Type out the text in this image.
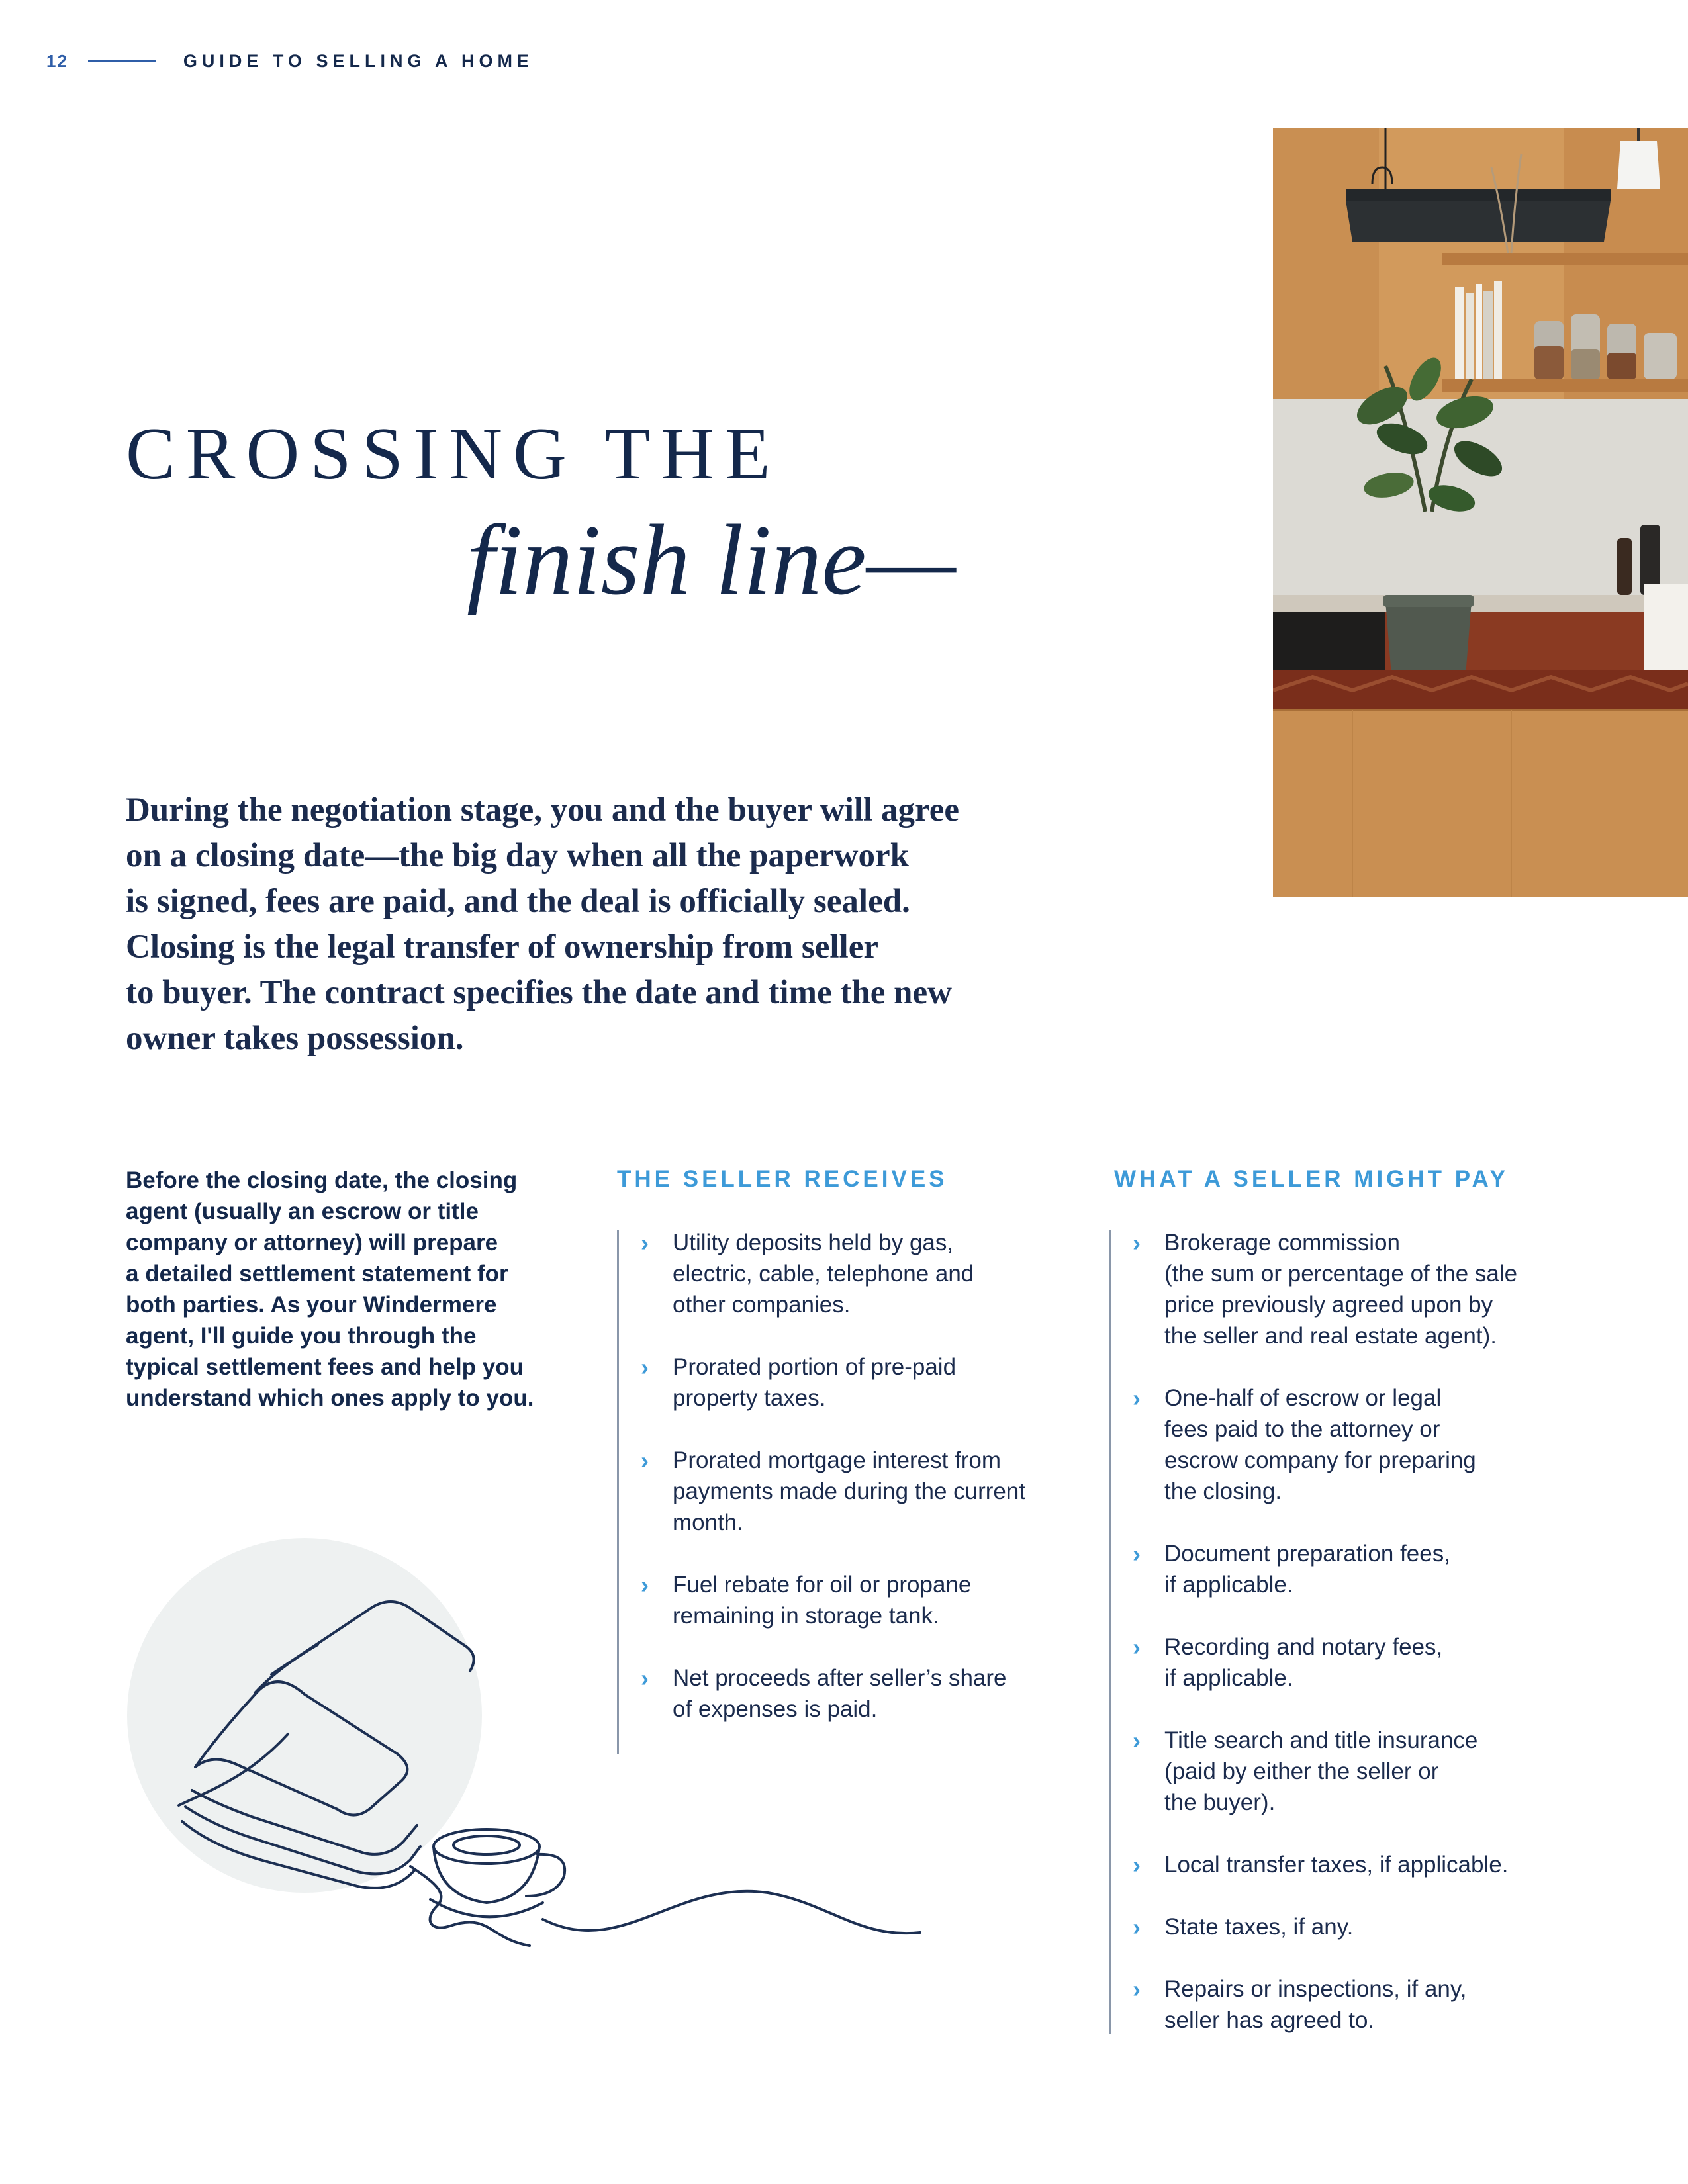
12	GUIDE TO SELLING A HOME
CROSSING THE
finish line—

During the negotiation stage, you and the buyer will agree
on a closing date—the big day when all the paperwork
is signed, fees are paid, and the deal is officially sealed.
Closing is the legal transfer of ownership from seller
to buyer. The contract specifies the date and time the new
owner takes possession.

Before the closing date, the closing
agent (usually an escrow or title
company or attorney) will prepare
a detailed settlement statement for
both parties. As your Windermere
agent, I'll guide you through the
typical settlement fees and help you
understand which ones apply to you.

THE SELLER RECEIVES
› Utility deposits held by gas,
electric, cable, telephone and
other companies.
› Prorated portion of pre-paid
property taxes.
› Prorated mortgage interest from
payments made during the current
month.
› Fuel rebate for oil or propane
remaining in storage tank.
› Net proceeds after seller’s share
of expenses is paid.
WHAT A SELLER MIGHT PAY
› Brokerage commission
(the sum or percentage of the sale
price previously agreed upon by
the seller and real estate agent).
› One-half of escrow or legal
fees paid to the attorney or
escrow company for preparing
the closing.
› Document preparation fees,
if applicable.
› Recording and notary fees,
if applicable.
› Title search and title insurance
(paid by either the seller or
the buyer).
› Local transfer taxes, if applicable.
› State taxes, if any.
› Repairs or inspections, if any,
seller has agreed to.
